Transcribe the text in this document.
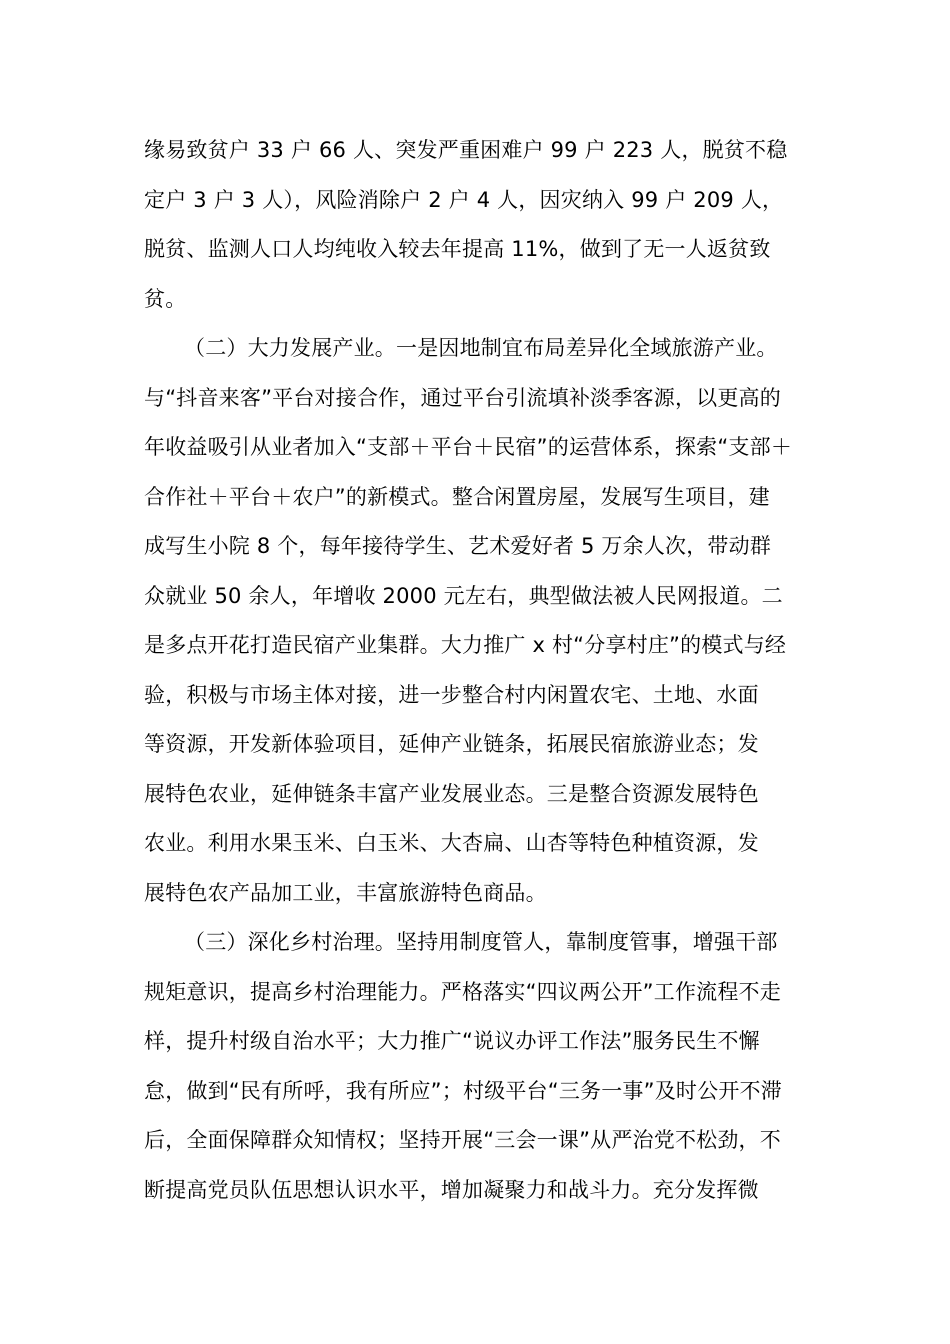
缘易致贫户 33 户 66 人、突发严重困难户 99 户 223 人，脱贫不稳
定户 3 户 3 人），风险消除户 2 户 4 人，因灾纳入 99 户 209 人，
脱贫、监测人口人均纯收入较去年提高 11%，做到了无一人返贫致
贫。
（二）大力发展产业。一是因地制宜布局差异化全域旅游产业。
与“抖音来客”平台对接合作，通过平台引流填补淡季客源，以更高的
年收益吸引从业者加入“支部＋平台＋民宿”的运营体系，探索“支部＋
合作社＋平台＋农户”的新模式。整合闲置房屋，发展写生项目，建
成写生小院 8 个，每年接待学生、艺术爱好者 5 万余人次，带动群
众就业 50 余人，年增收 2000 元左右，典型做法被人民网报道。二
是多点开花打造民宿产业集群。大力推广 x 村“分享村庄”的模式与经
验，积极与市场主体对接，进一步整合村内闲置农宅、土地、水面
等资源，开发新体验项目，延伸产业链条，拓展民宿旅游业态；发
展特色农业，延伸链条丰富产业发展业态。三是整合资源发展特色
农业。利用水果玉米、白玉米、大杏扁、山杏等特色种植资源，发
展特色农产品加工业，丰富旅游特色商品。
（三）深化乡村治理。坚持用制度管人，靠制度管事，增强干部
规矩意识，提高乡村治理能力。严格落实“四议两公开”工作流程不走
样，提升村级自治水平；大力推广“说议办评工作法”服务民生不懈
怠，做到“民有所呼，我有所应”；村级平台“三务一事”及时公开不滞
后，全面保障群众知情权；坚持开展“三会一课”从严治党不松劲，不
断提高党员队伍思想认识水平，增加凝聚力和战斗力。充分发挥微
